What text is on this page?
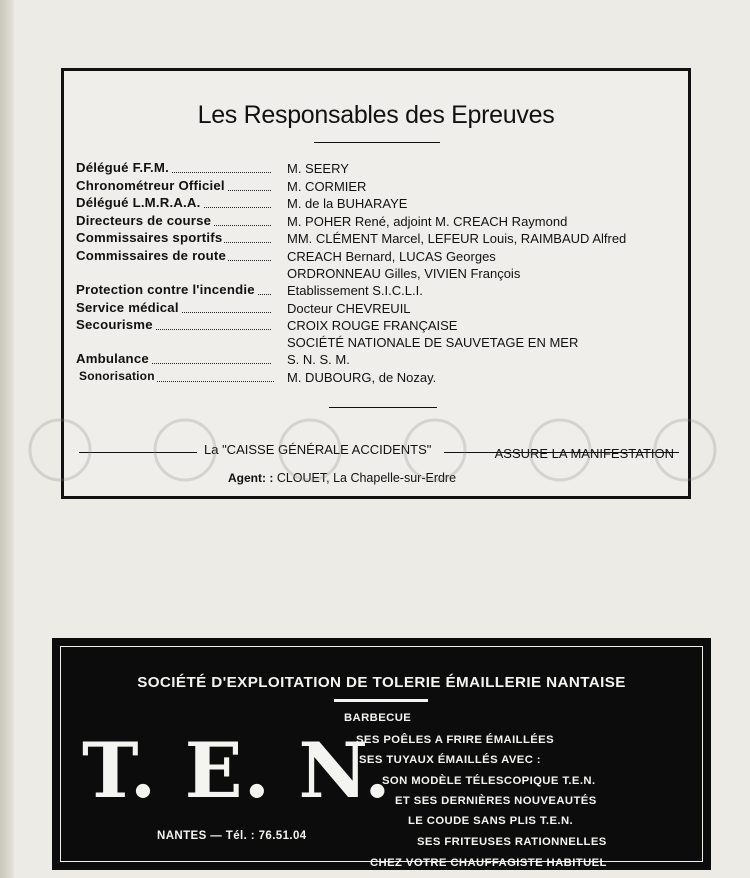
Les Responsables des Epreuves
Délégué F.F.M.	M. SEERY
Chronométreur Officiel	M. CORMIER
Délégué L.M.R.A.A.	M. de la BUHARAYE
Directeurs de course	M. POHER René, adjoint M. CREACH Raymond
Commissaires sportifs	MM. CLÉMENT Marcel, LEFEUR Louis, RAIMBAUD Alfred
Commissaires de route	CREACH Bernard, LUCAS Georges
ORDRONNEAU Gilles, VIVIEN François
Protection contre l'incendie	Etablissement S.I.C.L.I.
Service médical	Docteur CHEVREUIL
Secourisme	CROIX ROUGE FRANÇAISE
SOCIÉTÉ NATIONALE DE SAUVETAGE EN MER
Ambulance	S. N. S. M.
Sonorisation	M. DUBOURG, de Nozay.
La "CAISSE GÉNÉRALE ACCIDENTS"	ASSURE LA MANIFESTATION
Agent: : CLOUET, La Chapelle-sur-Erdre
SOCIÉTÉ D'EXPLOITATION DE TOLERIE ÉMAILLERIE NANTAISE
T. E. N.
NANTES — Tél. : 76.51.04
BARBECUE
SES POÊLES A FRIRE ÉMAILLÉES
SES TUYAUX ÉMAILLÉS AVEC :
SON MODÈLE TÉLESCOPIQUE T.E.N.
ET SES DERNIÈRES NOUVEAUTÉS
LE COUDE SANS PLIS T.E.N.
SES FRITEUSES RATIONNELLES
CHEZ VOTRE CHAUFFAGISTE HABITUEL
